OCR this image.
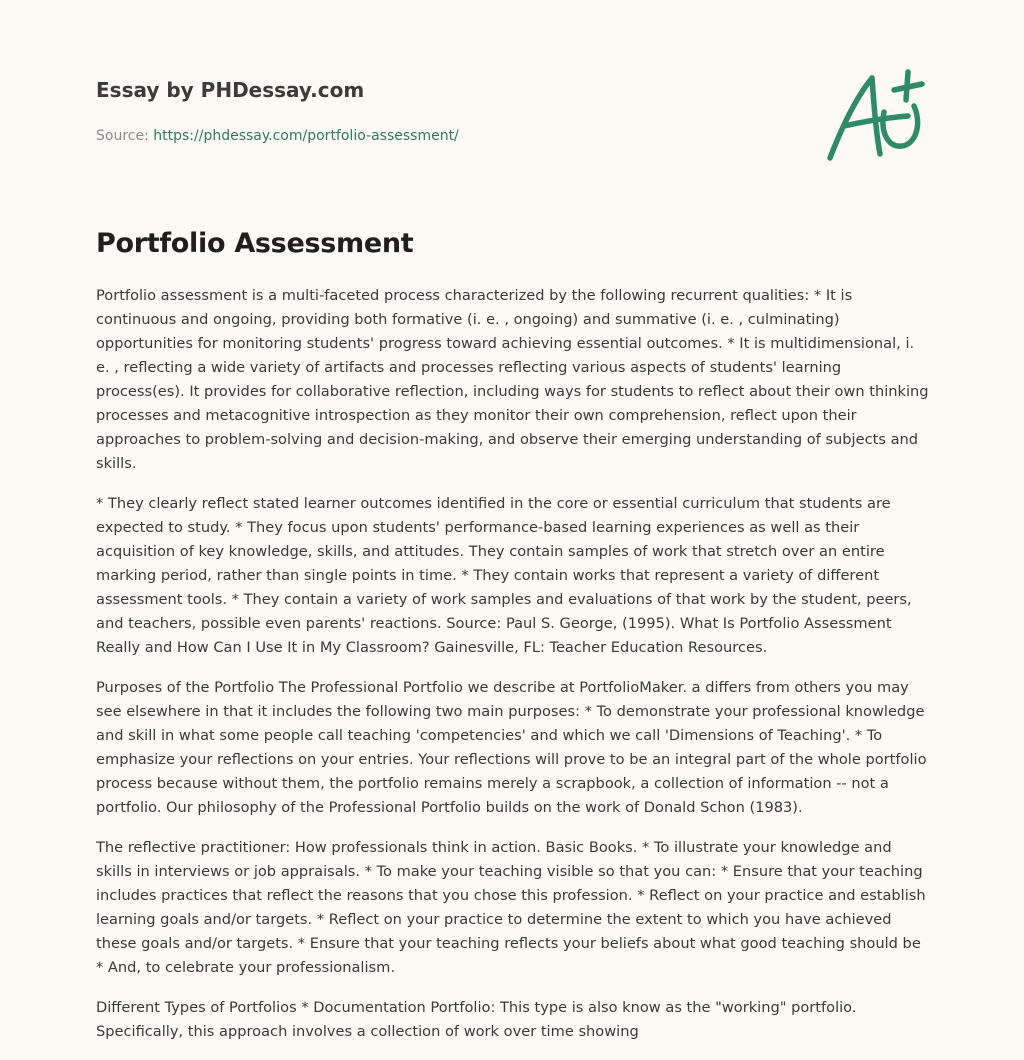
Essay by PHDessay.com
Source: https://phdessay.com/portfolio-assessment/
Portfolio Assessment

Portfolio assessment is a multi-faceted process characterized by the following recurrent qualities: * It is continuous and ongoing, providing both formative (i. e. , ongoing) and summative (i. e. , culminating) opportunities for monitoring students' progress toward achieving essential outcomes. * It is multidimensional, i. e. , reflecting a wide variety of artifacts and processes reflecting various aspects of students' learning process(es). It provides for collaborative reflection, including ways for students to reflect about their own thinking processes and metacognitive introspection as they monitor their own comprehension, reflect upon their approaches to problem-solving and decision-making, and observe their emerging understanding of subjects and skills.

* They clearly reflect stated learner outcomes identified in the core or essential curriculum that students are expected to study. * They focus upon students' performance-based learning experiences as well as their acquisition of key knowledge, skills, and attitudes. They contain samples of work that stretch over an entire marking period, rather than single points in time. * They contain works that represent a variety of different assessment tools. * They contain a variety of work samples and evaluations of that work by the student, peers, and teachers, possible even parents' reactions. Source: Paul S. George, (1995). What Is Portfolio Assessment Really and How Can I Use It in My Classroom? Gainesville, FL: Teacher Education Resources.

Purposes of the Portfolio The Professional Portfolio we describe at PortfolioMaker. a differs from others you may see elsewhere in that it includes the following two main purposes: * To demonstrate your professional knowledge and skill in what some people call teaching 'competencies' and which we call 'Dimensions of Teaching'. * To emphasize your reflections on your entries. Your reflections will prove to be an integral part of the whole portfolio process because without them, the portfolio remains merely a scrapbook, a collection of information -- not a portfolio. Our philosophy of the Professional Portfolio builds on the work of Donald Schon (1983).

The reflective practitioner: How professionals think in action. Basic Books. * To illustrate your knowledge and skills in interviews or job appraisals. * To make your teaching visible so that you can: * Ensure that your teaching includes practices that reflect the reasons that you chose this profession. * Reflect on your practice and establish learning goals and/or targets. * Reflect on your practice to determine the extent to which you have achieved these goals and/or targets. * Ensure that your teaching reflects your beliefs about what good teaching should be * And, to celebrate your professionalism.

Different Types of Portfolios * Documentation Portfolio: This type is also know as the "working" portfolio. Specifically, this approach involves a collection of work over time showing
